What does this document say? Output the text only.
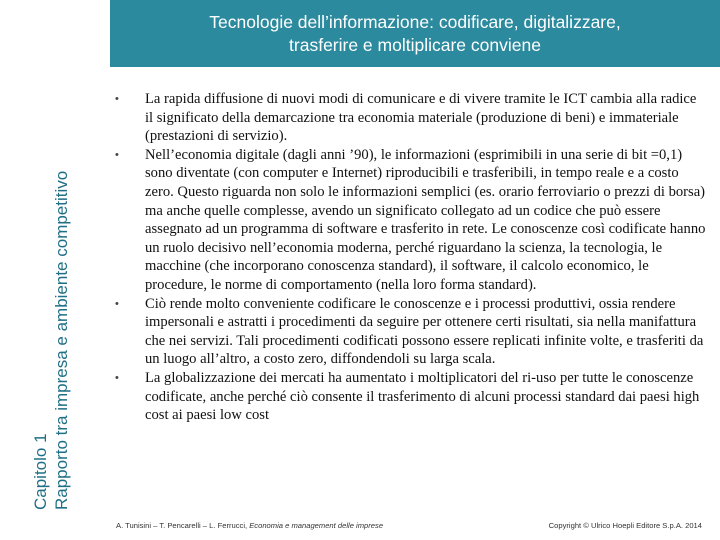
Capitolo 1 Rapporto tra impresa e ambiente competitivo
Tecnologie dell’informazione: codificare, digitalizzare,
trasferire e moltiplicare conviene
• La rapida diffusione di nuovi modi di comunicare e di vivere tramite le ICT cambia alla radice il significato della demarcazione tra economia materiale (produzione di beni) e immateriale (prestazioni di servizio).
• Nell’economia digitale (dagli anni ’90), le informazioni (esprimibili in una serie di bit =0,1) sono diventate (con computer e Internet) riproducibili e trasferibili, in tempo reale e a costo zero. Questo riguarda non solo le informazioni semplici (es. orario ferroviario o prezzi di borsa) ma anche quelle complesse, avendo un significato collegato ad un codice che può essere assegnato ad un programma di software e trasferito in rete. Le conoscenze così codificate hanno un ruolo decisivo nell’economia moderna, perché riguardano la scienza, la tecnologia, le macchine (che incorporano conoscenza standard), il software, il calcolo economico, le procedure, le norme di comportamento (nella loro forma standard).
• Ciò rende molto conveniente codificare le conoscenze e i processi produttivi, ossia rendere impersonali e astratti i procedimenti da seguire per ottenere certi risultati, sia nella manifattura che nei servizi. Tali procedimenti codificati possono essere replicati infinite volte, e trasferiti da un luogo all’altro, a costo zero, diffondendoli su larga scala.
• La globalizzazione dei mercati ha aumentato i moltiplicatori del ri-uso per tutte le conoscenze codificate, anche perché ciò consente il trasferimento di alcuni processi standard dai paesi high cost ai paesi low cost
A. Tunisini – T. Pencarelli – L. Ferrucci, Economia e management delle imprese	Copyright © Ulrico Hoepli Editore S.p.A. 2014
